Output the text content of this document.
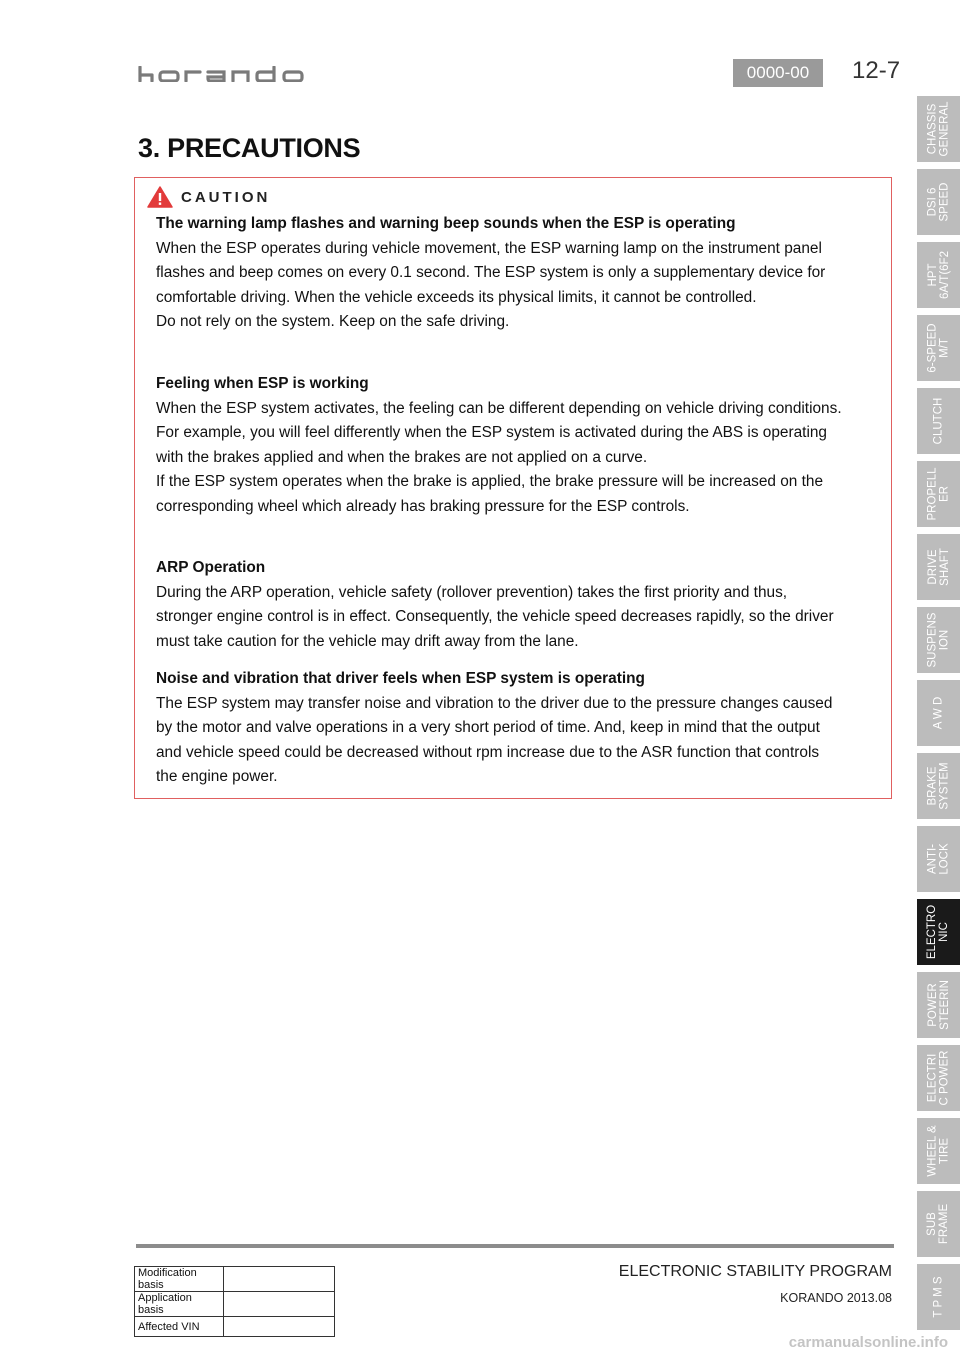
0000-00	12-7
3. PRECAUTIONS
CAUTION

The warning lamp flashes and warning beep sounds when the ESP is operating

When the ESP operates during vehicle movement, the ESP warning lamp on the instrument panel

flashes and beep comes on every 0.1 second. The ESP system is only a supplementary device for

comfortable driving. When the vehicle exceeds its physical limits, it cannot be controlled.

Do not rely on the system. Keep on the safe driving.

Feeling when ESP is working

When the ESP system activates, the feeling can be different depending on vehicle driving conditions.

For example, you will feel differently when the ESP system is activated during the ABS is operating

with the brakes applied and when the brakes are not applied on a curve.

If the ESP system operates when the brake is applied, the brake pressure will be increased on the

corresponding wheel which already has braking pressure for the ESP controls.

ARP Operation

During the ARP operation, vehicle safety (rollover prevention) takes the first priority and thus,

stronger engine control is in effect. Consequently, the vehicle speed decreases rapidly, so the driver

must take caution for the vehicle may drift away from the lane.

Noise and vibration that driver feels when ESP system is operating

The ESP system may transfer noise and vibration to the driver due to the pressure changes caused

by the motor and valve operations in a very short period of time. And, keep in mind that the output

and vehicle speed could be decreased without rpm increase due to the ASR function that controls

the engine power.

CHASSIS GENERAL
DSI 6 SPEED
HPT 6A/T(6F2
6-SPEED M/T
CLUTCH
PROPELL ER
DRIVE SHAFT
SUSPENS ION
A W D
BRAKE SYSTEM
ANTI- LOCK
ELECTRO NIC
POWER STEERIN
ELECTRI C POWER
WHEEL & TIRE
SUB FRAME
T P M S
Modification basis	
Application basis	
Affected VIN	
ELECTRONIC STABILITY PROGRAM
KORANDO 2013.08
carmanualsonline.info
